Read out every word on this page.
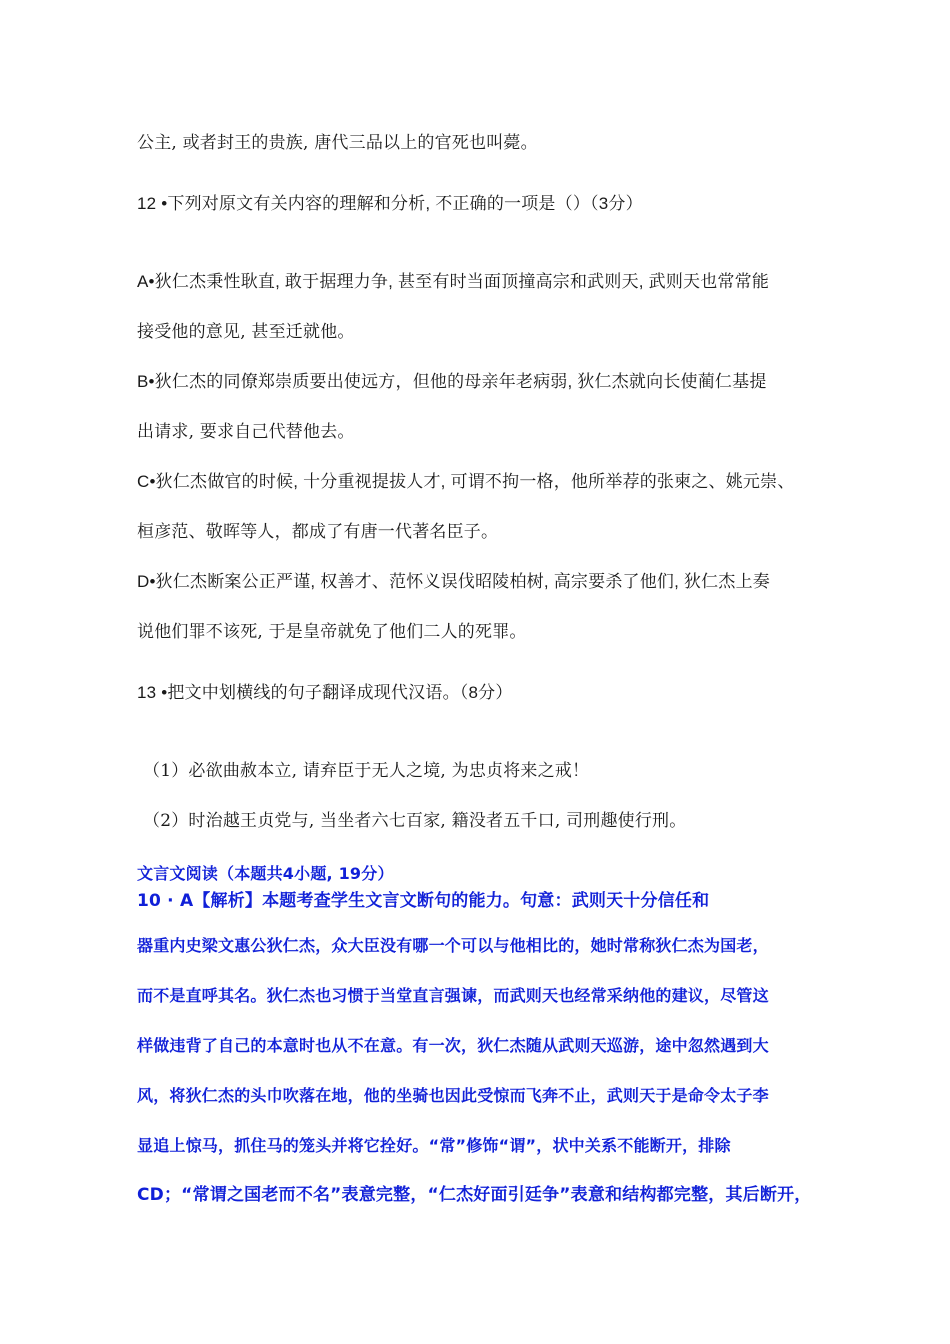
公主, 或者封王的贵族, 唐代三品以上的官死也叫薨。
12 •下列对原文有关内容的理解和分析, 不正确的一项是（）（3分）
A•狄仁杰秉性耿直, 敢于据理力争, 甚至有时当面顶撞高宗和武则天, 武则天也常常能
接受他的意见, 甚至迁就他。
B•狄仁杰的同僚郑崇质要出使远方，但他的母亲年老病弱, 狄仁杰就向长使蔺仁基提
出请求, 要求自己代替他去。
C•狄仁杰做官的时候, 十分重视提拔人才, 可谓不拘一格，他所举荐的张柬之、姚元崇、
桓彦范、敬晖等人，都成了有唐一代著名臣子。
D•狄仁杰断案公正严谨, 权善才、范怀义误伐昭陵柏树, 高宗要杀了他们, 狄仁杰上奏
说他们罪不该死, 于是皇帝就免了他们二人的死罪。
13 •把文中划横线的句子翻译成现代汉语。（8分）
（1）必欲曲赦本立, 请弃臣于无人之境, 为忠贞将来之戒！
（2）时治越王贞党与, 当坐者六七百家, 籍没者五千口, 司刑趣使行刑。
文言文阅读（本题共4小题, 19分）
10 · A【解析】本题考查学生文言文断句的能力。句意：武则天十分信任和
器重内史梁文惠公狄仁杰，众大臣没有哪一个可以与他相比的，她时常称狄仁杰为国老，
而不是直呼其名。狄仁杰也习惯于当堂直言强谏，而武则天也经常采纳他的建议，尽管这
样做违背了自己的本意时也从不在意。有一次，狄仁杰随从武则天巡游，途中忽然遇到大
风，将狄仁杰的头巾吹落在地，他的坐骑也因此受惊而飞奔不止，武则天于是命令太子李
显追上惊马，抓住马的笼头并将它拴好。“常”修饰“谓”，状中关系不能断开，排除
CD；“常谓之国老而不名”表意完整，“仁杰好面引廷争”表意和结构都完整，其后断开，
